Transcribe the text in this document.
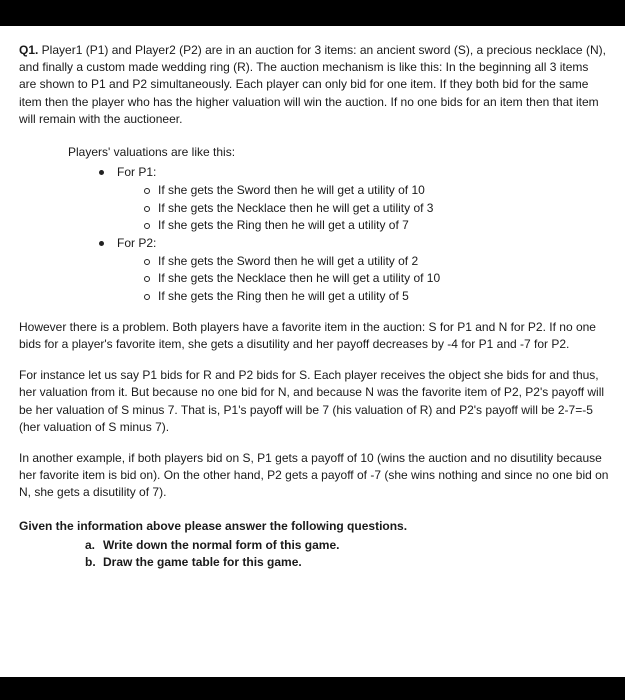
Q1. Player1 (P1) and Player2 (P2) are in an auction for 3 items: an ancient sword (S), a precious necklace (N), and finally a custom made wedding ring (R). The auction mechanism is like this: In the beginning all 3 items are shown to P1 and P2 simultaneously. Each player can only bid for one item. If they both bid for the same item then the player who has the higher valuation will win the auction. If no one bids for an item then that item will remain with the auctioneer.

Players' valuations are like this:

For P1:
If she gets the Sword then he will get a utility of 10
If she gets the Necklace then he will get a utility of 3
If she gets the Ring then he will get a utility of 7
For P2:
If she gets the Sword then he will get a utility of 2
If she gets the Necklace then he will get a utility of 10
If she gets the Ring then he will get a utility of 5

However there is a problem. Both players have a favorite item in the auction: S for P1 and N for P2. If no one bids for a player's favorite item, she gets a disutility and her payoff decreases by -4 for P1 and -7 for P2.

For instance let us say P1 bids for R and P2 bids for S. Each player receives the object she bids for and thus, her valuation from it. But because no one bid for N, and because N was the favorite item of P2, P2's payoff will be her valuation of S minus 7. That is, P1's payoff will be 7 (his valuation of R) and P2's payoff will be 2-7=-5 (her valuation of S minus 7).

In another example, if both players bid on S, P1 gets a payoff of 10 (wins the auction and no disutility because her favorite item is bid on). On the other hand, P2 gets a payoff of -7 (she wins nothing and since no one bid on N, she gets a disutility of 7).

Given the information above please answer the following questions.

a. Write down the normal form of this game.
b. Draw the game table for this game.
